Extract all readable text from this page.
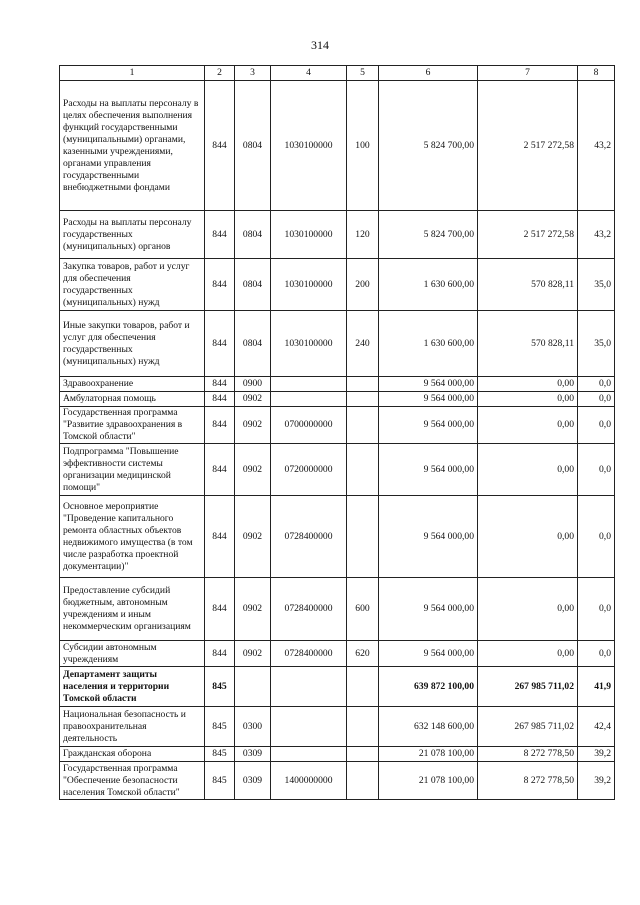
314
1	2	3	4	5	6	7	8
Расходы на выплаты персоналу в целях обеспечения выполнения функций государственными (муниципальными) органами, казенными учреждениями, органами управления государственными внебюджетными фондами	844	0804	1030100000	100	5 824 700,00	2 517 272,58	43,2
Расходы на выплаты персоналу государственных (муниципальных) органов	844	0804	1030100000	120	5 824 700,00	2 517 272,58	43,2
Закупка товаров, работ и услуг для обеспечения государственных (муниципальных) нужд	844	0804	1030100000	200	1 630 600,00	570 828,11	35,0
Иные закупки товаров, работ и услуг для обеспечения государственных (муниципальных) нужд	844	0804	1030100000	240	1 630 600,00	570 828,11	35,0
Здравоохранение	844	0900			9 564 000,00	0,00	0,0
Амбулаторная помощь	844	0902			9 564 000,00	0,00	0,0
Государственная программа "Развитие здравоохранения в Томской области"	844	0902	0700000000		9 564 000,00	0,00	0,0
Подпрограмма "Повышение эффективности системы организации медицинской помощи"	844	0902	0720000000		9 564 000,00	0,00	0,0
Основное мероприятие "Проведение капитального ремонта областных объектов недвижимого имущества (в том числе разработка проектной документации)"	844	0902	0728400000		9 564 000,00	0,00	0,0
Предоставление субсидий бюджетным, автономным учреждениям и иным некоммерческим организациям	844	0902	0728400000	600	9 564 000,00	0,00	0,0
Субсидии автономным учреждениям	844	0902	0728400000	620	9 564 000,00	0,00	0,0
Департамент защиты населения и территории Томской области	845				639 872 100,00	267 985 711,02	41,9
Национальная безопасность и правоохранительная деятельность	845	0300			632 148 600,00	267 985 711,02	42,4
Гражданская оборона	845	0309			21 078 100,00	8 272 778,50	39,2
Государственная программа "Обеспечение безопасности населения Томской области"	845	0309	1400000000		21 078 100,00	8 272 778,50	39,2
